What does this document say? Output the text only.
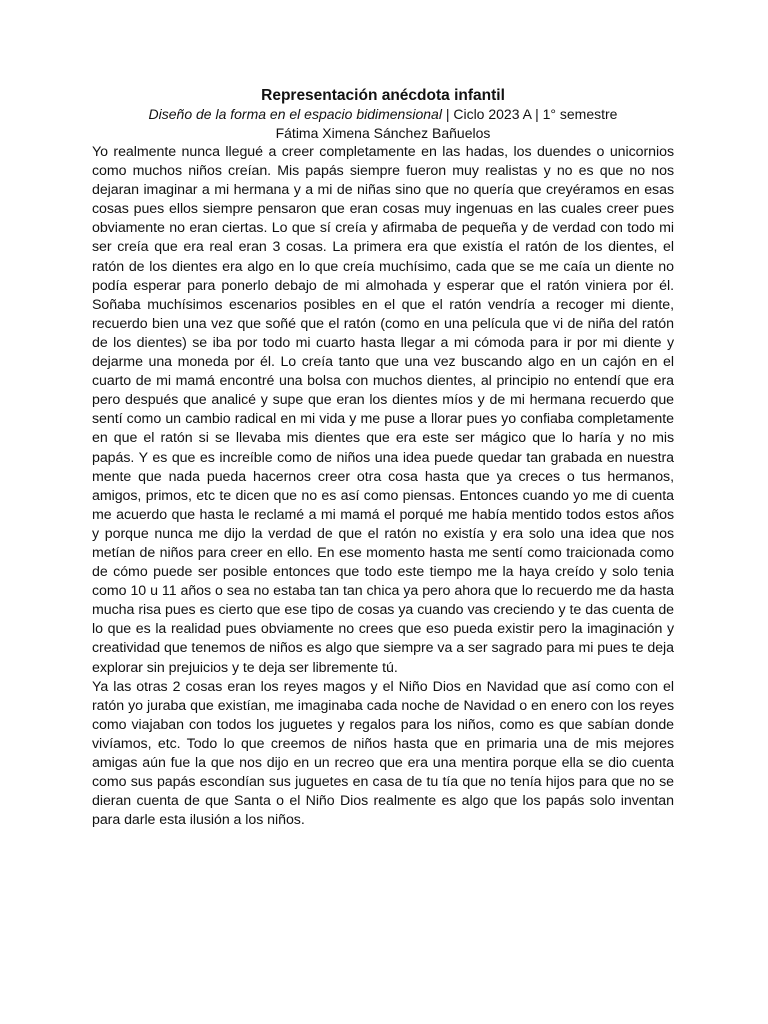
Representación anécdota infantil

Diseño de la forma en el espacio bidimensional | Ciclo 2023 A | 1° semestre

Fátima Ximena Sánchez Bañuelos

Yo realmente nunca llegué a creer completamente en las hadas, los duendes o unicornios como muchos niños creían. Mis papás siempre fueron muy realistas y no es que no nos dejaran imaginar a mi hermana y a mi de niñas sino que no quería que creyéramos en esas cosas pues ellos siempre pensaron que eran cosas muy ingenuas en las cuales creer pues obviamente no eran ciertas. Lo que sí creía y afirmaba de pequeña y de verdad con todo mi ser creía que era real eran 3 cosas. La primera era que existía el ratón de los dientes, el ratón de los dientes era algo en lo que creía muchísimo, cada que se me caía un diente no podía esperar para ponerlo debajo de mi almohada y esperar que el ratón viniera por él. Soñaba muchísimos escenarios posibles en el que el ratón vendría a recoger mi diente, recuerdo bien una vez que soñé que el ratón (como en una película que vi de niña del ratón de los dientes) se iba por todo mi cuarto hasta llegar a mi cómoda para ir por mi diente y dejarme una moneda por él. Lo creía tanto que una vez buscando algo en un cajón en el cuarto de mi mamá encontré una bolsa con muchos dientes, al principio no entendí que era pero después que analicé y supe que eran los dientes míos y de mi hermana recuerdo que sentí como un cambio radical en mi vida y me puse a llorar pues yo confiaba completamente en que el ratón si se llevaba mis dientes que era este ser mágico que lo haría y no mis papás. Y es que es increíble como de niños una idea puede quedar tan grabada en nuestra mente que nada pueda hacernos creer otra cosa hasta que ya creces o tus hermanos, amigos, primos, etc te dicen que no es así como piensas. Entonces cuando yo me di cuenta me acuerdo que hasta le reclamé a mi mamá el porqué me había mentido todos estos años y porque nunca me dijo la verdad de que el ratón no existía y era solo una idea que nos metían de niños para creer en ello. En ese momento hasta me sentí como traicionada como de cómo puede ser posible entonces que todo este tiempo me la haya creído y solo tenia como 10 u 11 años o sea no estaba tan tan chica ya pero ahora que lo recuerdo me da hasta mucha risa pues es cierto que ese tipo de cosas ya cuando vas creciendo y te das cuenta de lo que es la realidad pues obviamente no crees que eso pueda existir pero la imaginación y creatividad que tenemos de niños es algo que siempre va a ser sagrado para mi pues te deja explorar sin prejuicios y te deja ser libremente tú.

Ya las otras 2 cosas eran los reyes magos y el Niño Dios en Navidad que así como con el ratón yo juraba que existían, me imaginaba cada noche de Navidad o en enero con los reyes como viajaban con todos los juguetes y regalos para los niños, como es que sabían donde vivíamos, etc. Todo lo que creemos de niños hasta que en primaria una de mis mejores amigas aún fue la que nos dijo en un recreo que era una mentira porque ella se dio cuenta como sus papás escondían sus juguetes en casa de tu tía que no tenía hijos para que no se dieran cuenta de que Santa o el Niño Dios realmente es algo que los papás solo inventan para darle esta ilusión a los niños.
